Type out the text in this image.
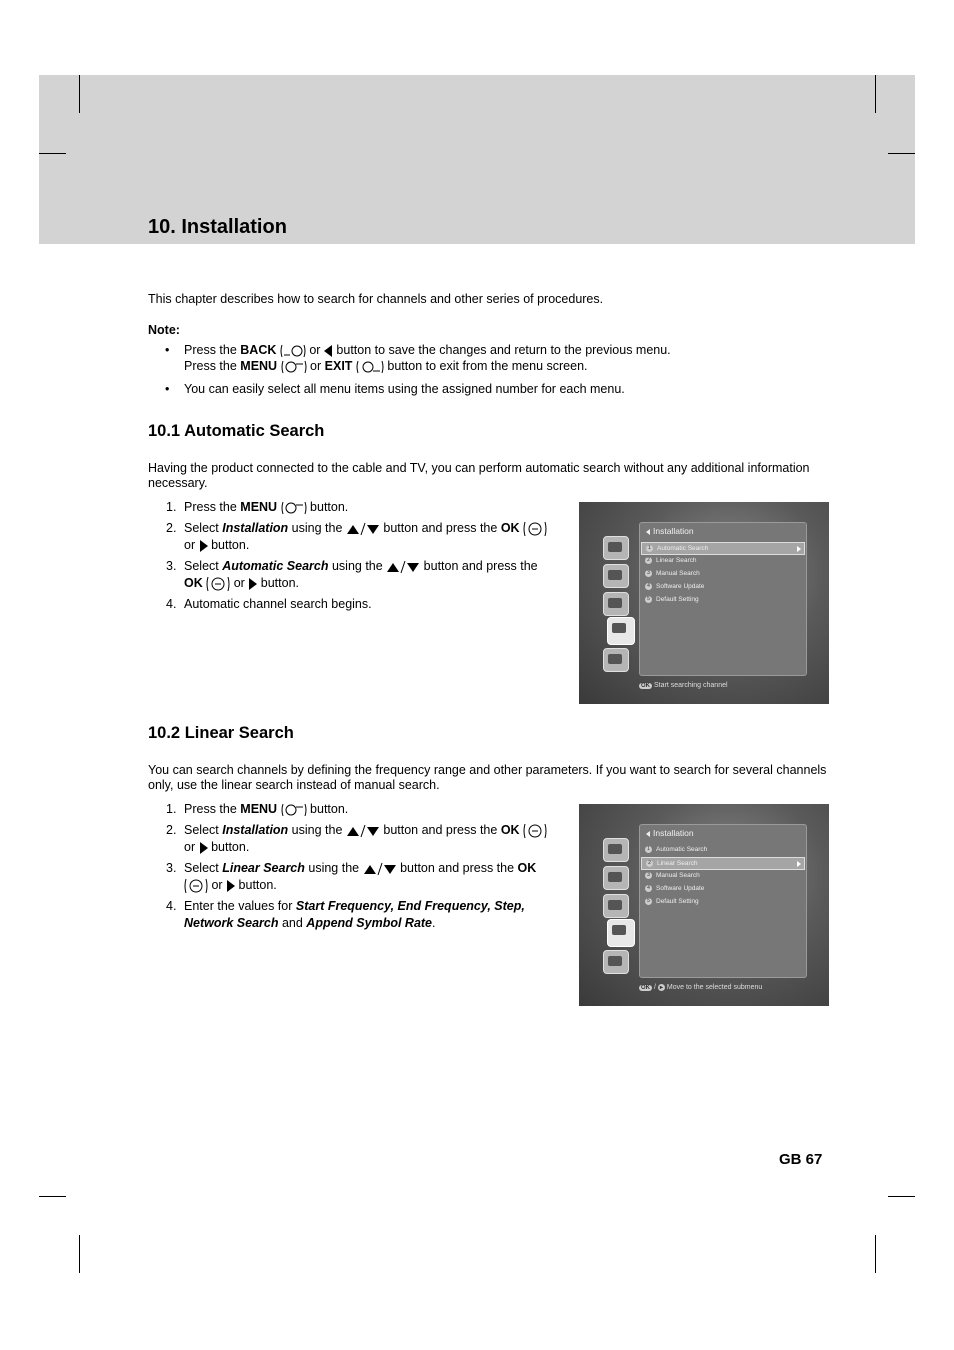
10. Installation
This chapter describes how to search for channels and other series of procedures.
Note:
• Press the BACK  or  button to save the changes and return to the previous menu.
Press the MENU  or EXIT	button to exit from the menu screen.
• You can easily select all menu items using the assigned number for each menu.
10.1 Automatic Search
Having the product connected to the cable and TV, you can perform automatic search without any additional information necessary.
1. Press the MENU  button.
2. Select Installation using the	button and press the OK
or  button.
3. Select Automatic Search using the	button and press the
OK  or  button.
4. Automatic channel search begins.
Installation
1 Automatic Search
2 Linear Search
3 Manual Search
4 Software Update
5 Default Setting
OK Start searching channel
10.2 Linear Search
You can search channels by defining the frequency range and other parameters. If you want to search for several channels only, use the linear search instead of manual search.
1. Press the MENU  button.
2. Select Installation using the	button and press the OK
or  button.
3. Select Linear Search using the	button and press the OK
or  button.
4. Enter the values for Start Frequency, End Frequency, Step, Network Search and Append Symbol Rate.
Installation
1 Automatic Search
2 Linear Search
3 Manual Search
4 Software Update
5 Default Setting
OK / ▸ Move to the selected submenu
GB 67
